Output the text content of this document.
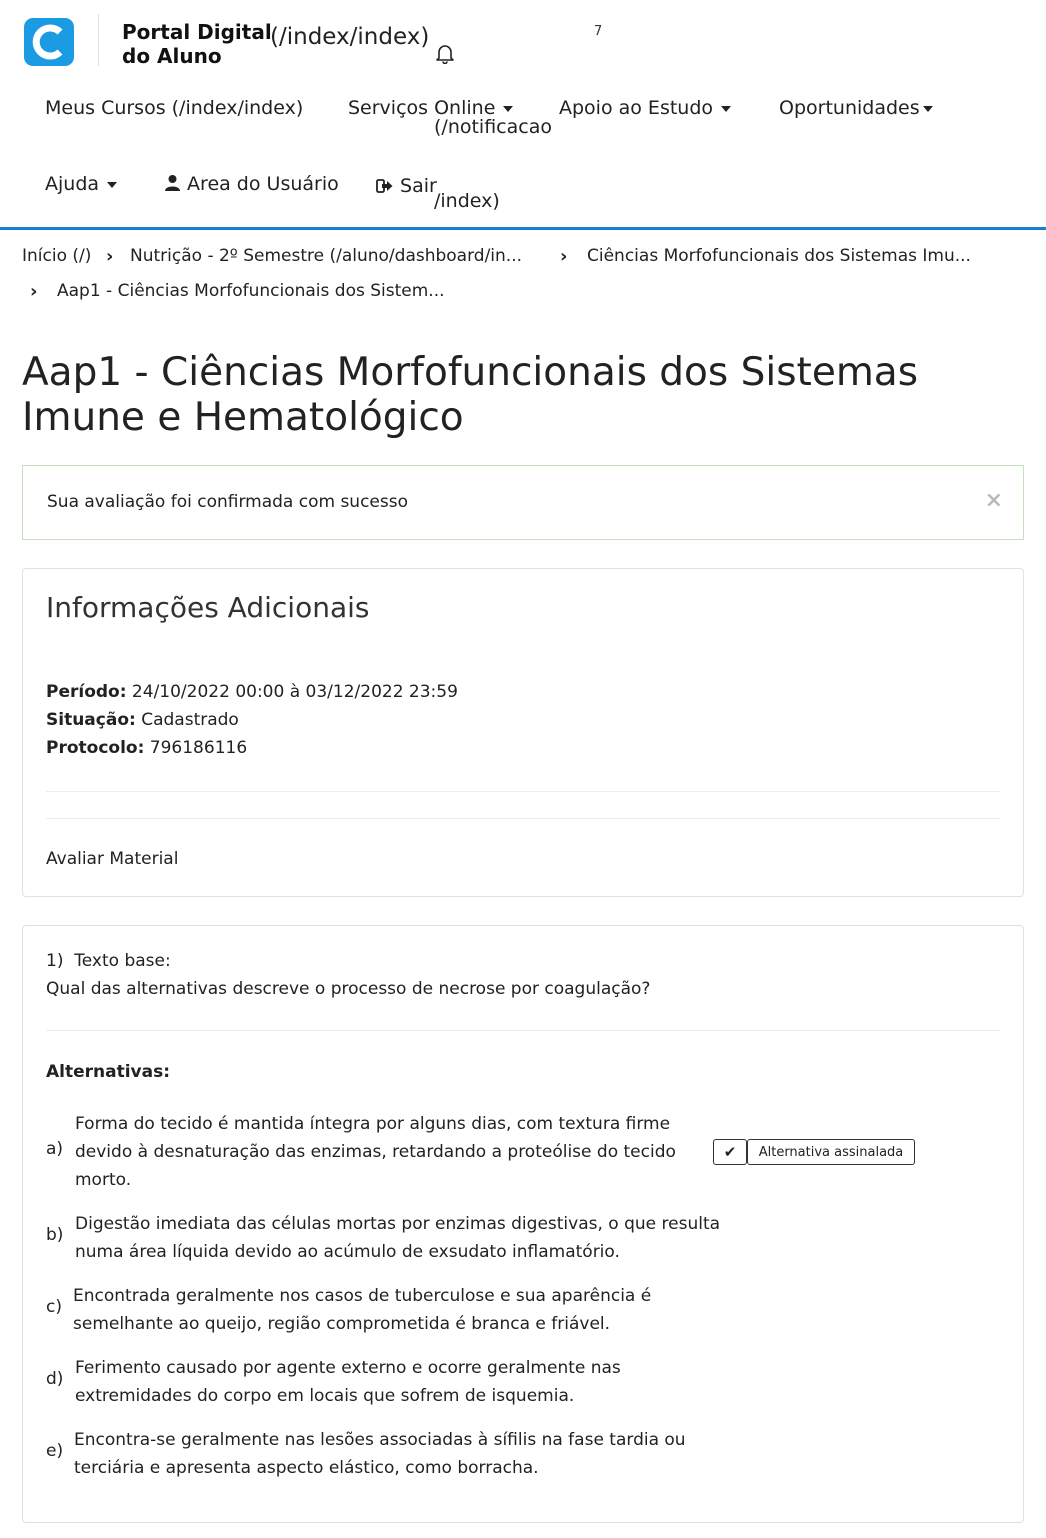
Portal Digital
do Aluno
(/index/index)	7
Meus Cursos (/index/index) Serviços Online
(/notificacao
Apoio ao Estudo	Oportunidades
Ajuda	Area do Usuário	Sair
/index)
Início (/) › Nutrição - 2º Semestre (/aluno/dashboard/in... › Ciências Morfofuncionais dos Sistemas Imu...
› Aap1 - Ciências Morfofuncionais dos Sistem...
Aap1 - Ciências Morfofuncionais dos Sistemas Imune e Hematológico
Sua avaliação foi confirmada com sucesso	×
Informações Adicionais
Período: 24/10/2022 00:00 à 03/12/2022 23:59
Situação: Cadastrado
Protocolo: 796186116
Avaliar Material
1) Texto base:
Qual das alternativas descreve o processo de necrose por coagulação?
Alternativas:
a)
Forma do tecido é mantida íntegra por alguns dias, com textura firme devido à desnaturação das enzimas, retardando a proteólise do tecido morto.
✔	Alternativa assinalada
b)
Digestão imediata das células mortas por enzimas digestivas, o que resulta numa área líquida devido ao acúmulo de exsudato inflamatório.
c)
Encontrada geralmente nos casos de tuberculose e sua aparência é semelhante ao queijo, região comprometida é branca e friável.
d)
Ferimento causado por agente externo e ocorre geralmente nas extremidades do corpo em locais que sofrem de isquemia.
e)
Encontra-se geralmente nas lesões associadas à sífilis na fase tardia ou terciária e apresenta aspecto elástico, como borracha.
